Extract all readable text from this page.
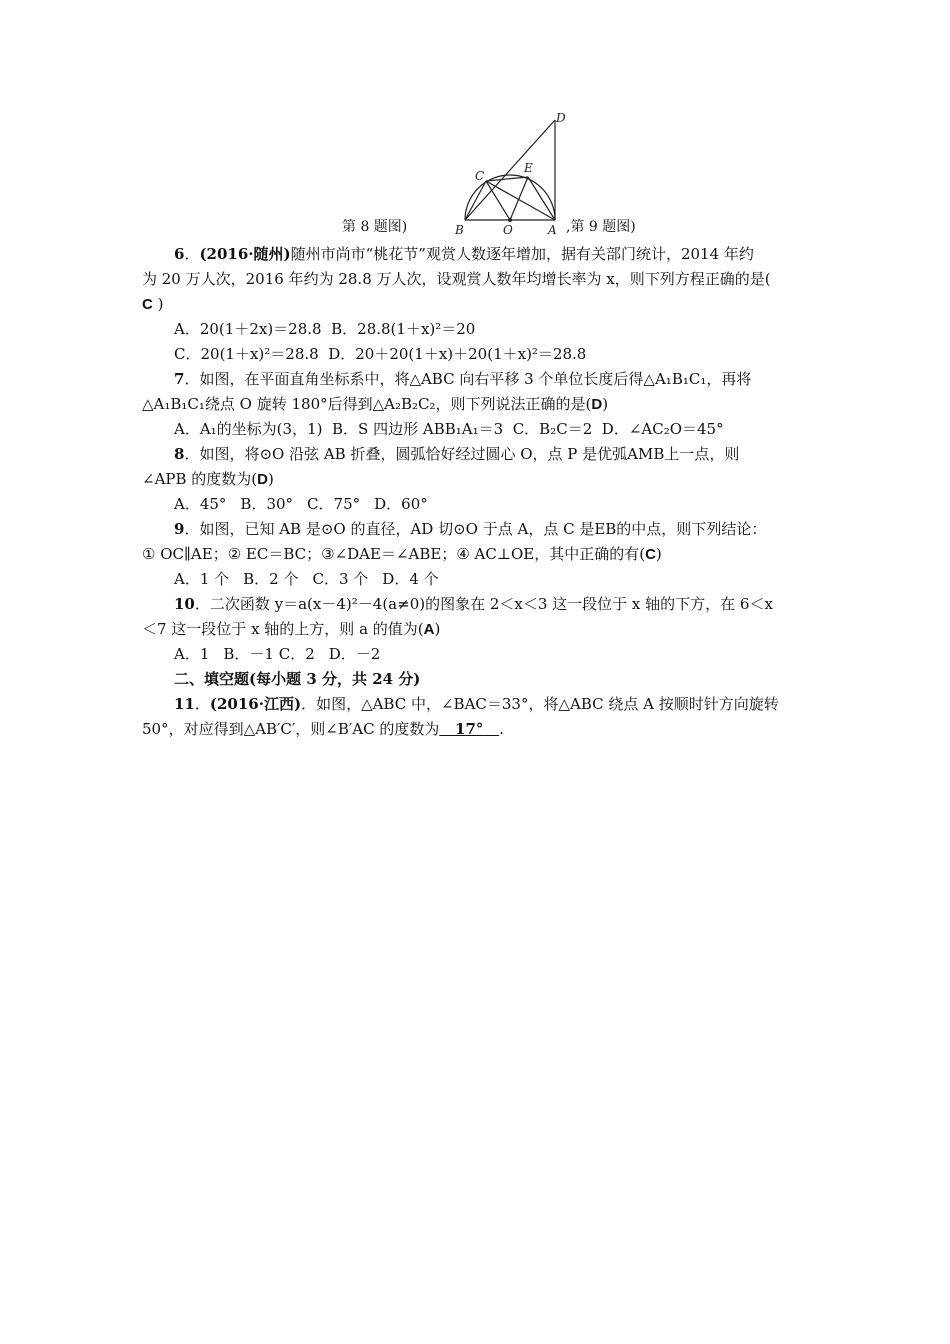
B	O	A
C
E
D
第 8 题图)	,第 9 题图)
6．(2016·随州)随州市尚市“桃花节”观赏人数逐年增加，据有关部门统计，2014 年约
为 20 万人次，2016 年约为 28.8 万人次，设观赏人数年均增长率为 x，则下列方程正确的是(
C )
A．20(1＋2x)＝28.8 B．28.8(1＋x)²＝20
C．20(1＋x)²＝28.8 D．20＋20(1＋x)＋20(1＋x)²＝28.8
7．如图，在平面直角坐标系中，将△ABC 向右平移 3 个单位长度后得△A₁B₁C₁，再将
△A₁B₁C₁绕点 O 旋转 180°后得到△A₂B₂C₂，则下列说法正确的是(D)
A．A₁的坐标为(3，1) B．S 四边形 ABB₁A₁＝3 C．B₂C＝2 D．∠AC₂O＝45°
8．如图，将⊙O 沿弦 AB 折叠，圆弧恰好经过圆心 O，点 P 是优弧AMB上一点，则
∠APB 的度数为(D)
A．45° B．30° C．75° D．60°
9．如图，已知 AB 是⊙O 的直径，AD 切⊙O 于点 A，点 C 是EB的中点，则下列结论：
① OC∥AE；② EC＝BC；③∠DAE＝∠ABE；④ AC⊥OE，其中正确的有(C)
A．1 个 B．2 个 C．3 个 D．4 个
10．二次函数 y＝a(x－4)²－4(a≠0)的图象在 2＜x＜3 这一段位于 x 轴的下方，在 6＜x
＜7 这一段位于 x 轴的上方，则 a 的值为(A)
A．1 B．－1 C．2 D．－2
二、填空题(每小题 3 分，共 24 分)
11．(2016·江西)．如图，△ABC 中，∠BAC＝33°，将△ABC 绕点 A 按顺时针方向旋转
50°，对应得到△AB′C′，则∠B′AC 的度数为 17° .
